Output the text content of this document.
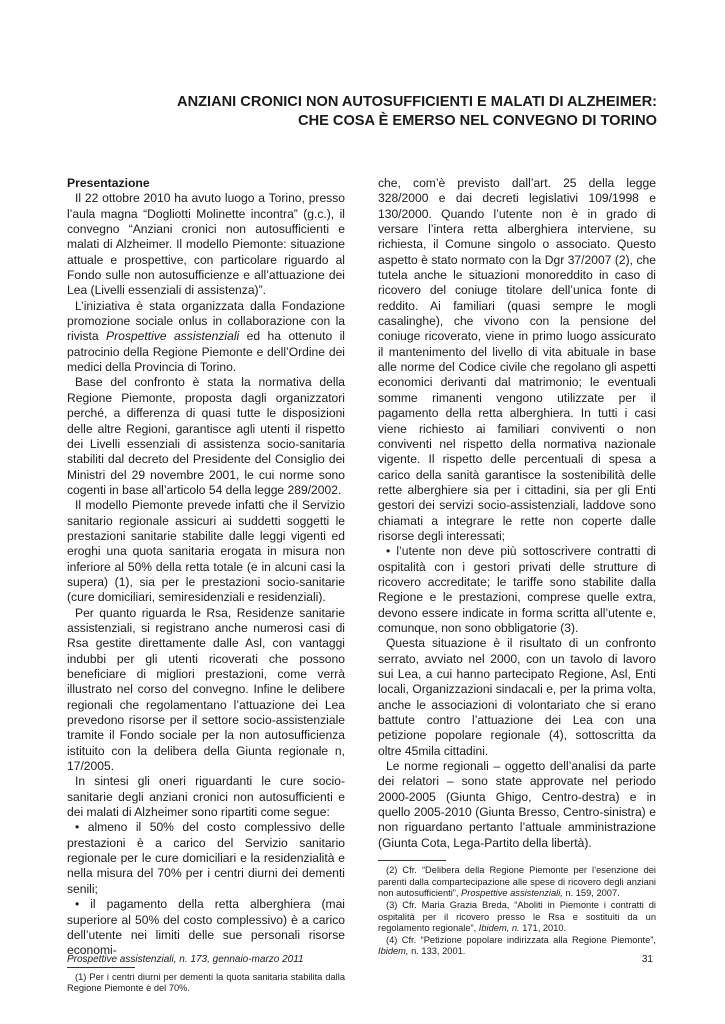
ANZIANI CRONICI NON AUTOSUFFICIENTI E MALATI DI ALZHEIMER:
CHE COSA È EMERSO NEL CONVEGNO DI TORINO

Presentazione

Il 22 ottobre 2010 ha avuto luogo a Torino, presso l’aula magna “Dogliotti Molinette incontra” (g.c.), il convegno “Anziani cronici non autosufficienti e malati di Alzheimer. Il modello Piemonte: situazione attuale e prospettive, con particolare riguardo al Fondo sulle non autosufficienze e all’attuazione dei Lea (Livelli essenziali di assistenza)”.

L’iniziativa è stata organizzata dalla Fondazione promozione sociale onlus in collaborazione con la rivista Prospettive assistenziali ed ha ottenuto il patrocinio della Regione Piemonte e dell’Ordine dei medici della Provincia di Torino.

Base del confronto è stata la normativa della Regione Piemonte, proposta dagli organizzatori perché, a differenza di quasi tutte le disposizioni delle altre Regioni, garantisce agli utenti il rispetto dei Livelli essenziali di assistenza socio-sanitaria stabiliti dal decreto del Presidente del Consiglio dei Ministri del 29 novembre 2001, le cui norme sono cogenti in base all’articolo 54 della legge 289/2002.

Il modello Piemonte prevede infatti che il Servizio sanitario regionale assicuri ai suddetti soggetti le prestazioni sanitarie stabilite dalle leggi vigenti ed eroghi una quota sanitaria erogata in misura non inferiore al 50% della retta totale (e in alcuni casi la supera) (1), sia per le prestazioni socio-sanitarie (cure domiciliari, semiresidenziali e residenziali).

Per quanto riguarda le Rsa, Residenze sanitarie assistenziali, si registrano anche numerosi casi di Rsa gestite direttamente dalle Asl, con vantaggi indubbi per gli utenti ricoverati che possono beneficiare di migliori prestazioni, come verrà illustrato nel corso del convegno. Infine le delibere regionali che regolamentano l’attuazione dei Lea prevedono risorse per il settore socio-assistenziale tramite il Fondo sociale per la non autosufficienza istituito con la delibera della Giunta regionale n, 17/2005.

In sintesi gli oneri riguardanti le cure socio-sanitarie degli anziani cronici non autosufficienti e dei malati di Alzheimer sono ripartiti come segue:

• almeno il 50% del costo complessivo delle prestazioni è a carico del Servizio sanitario regionale per le cure domiciliari e la residenzialità e nella misura del 70% per i centri diurni dei dementi senili;

• il pagamento della retta alberghiera (mai superiore al 50% del costo complessivo) è a carico dell’utente nei limiti delle sue personali risorse economi-

(1) Per i centri diurni per dementi la quota sanitaria stabilita dalla Regione Piemonte è del 70%.

che, com’è previsto dall’art. 25 della legge 328/2000 e dai decreti legislativi 109/1998 e 130/2000. Quando l’utente non è in grado di versare l’intera retta alberghiera interviene, su richiesta, il Comune singolo o associato. Questo aspetto è stato normato con la Dgr 37/2007 (2), che tutela anche le situazioni monoreddito in caso di ricovero del coniuge titolare dell’unica fonte di reddito. Ai familiari (quasi sempre le mogli casalinghe), che vivono con la pensione del coniuge ricoverato, viene in primo luogo assicurato il mantenimento del livello di vita abituale in base alle norme del Codice civile che regolano gli aspetti economici derivanti dal matrimonio; le eventuali somme rimanenti vengono utilizzate per il pagamento della retta alberghiera. In tutti i casi viene richiesto ai familiari conviventi o non conviventi nel rispetto della normativa nazionale vigente. Il rispetto delle percentuali di spesa a carico della sanità garantisce la sostenibilità delle rette alberghiere sia per i cittadini, sia per gli Enti gestori dei servizi socio-assistenziali, laddove sono chiamati a integrare le rette non coperte dalle risorse degli interessati;

• l’utente non deve più sottoscrivere contratti di ospitalità con i gestori privati delle strutture di ricovero accreditate; le tariffe sono stabilite dalla Regione e le prestazioni, comprese quelle extra, devono essere indicate in forma scritta all’utente e, comunque, non sono obbligatorie (3).

Questa situazione è il risultato di un confronto serrato, avviato nel 2000, con un tavolo di lavoro sui Lea, a cui hanno partecipato Regione, Asl, Enti locali, Organizzazioni sindacali e, per la prima volta, anche le associazioni di volontariato che si erano battute contro l’attuazione dei Lea con una petizione popolare regionale (4), sottoscritta da oltre 45mila cittadini.

Le norme regionali – oggetto dell’analisi da parte dei relatori – sono state approvate nel periodo 2000-2005 (Giunta Ghigo, Centro-destra) e in quello 2005-2010 (Giunta Bresso, Centro-sinistra) e non riguardano pertanto l’attuale amministrazione (Giunta Cota, Lega-Partito della libertà).

(2) Cfr. “Delibera della Regione Piemonte per l’esenzione dei parenti dalla compartecipazione alle spese di ricovero degli anziani non autosufficienti”, Prospettive assistenziali, n. 159, 2007.

(3) Cfr. Maria Grazia Breda, “Aboliti in Piemonte i contratti di ospitalità per il ricovero presso le Rsa e sostituiti da un regolamento regionale”, Ibidem, n. 171, 2010.

(4) Cfr. “Petizione popolare indirizzata alla Regione Piemonte”, Ibidem, n. 133, 2001.

Prospettive assistenziali, n. 173, gennaio-marzo 2011	31
